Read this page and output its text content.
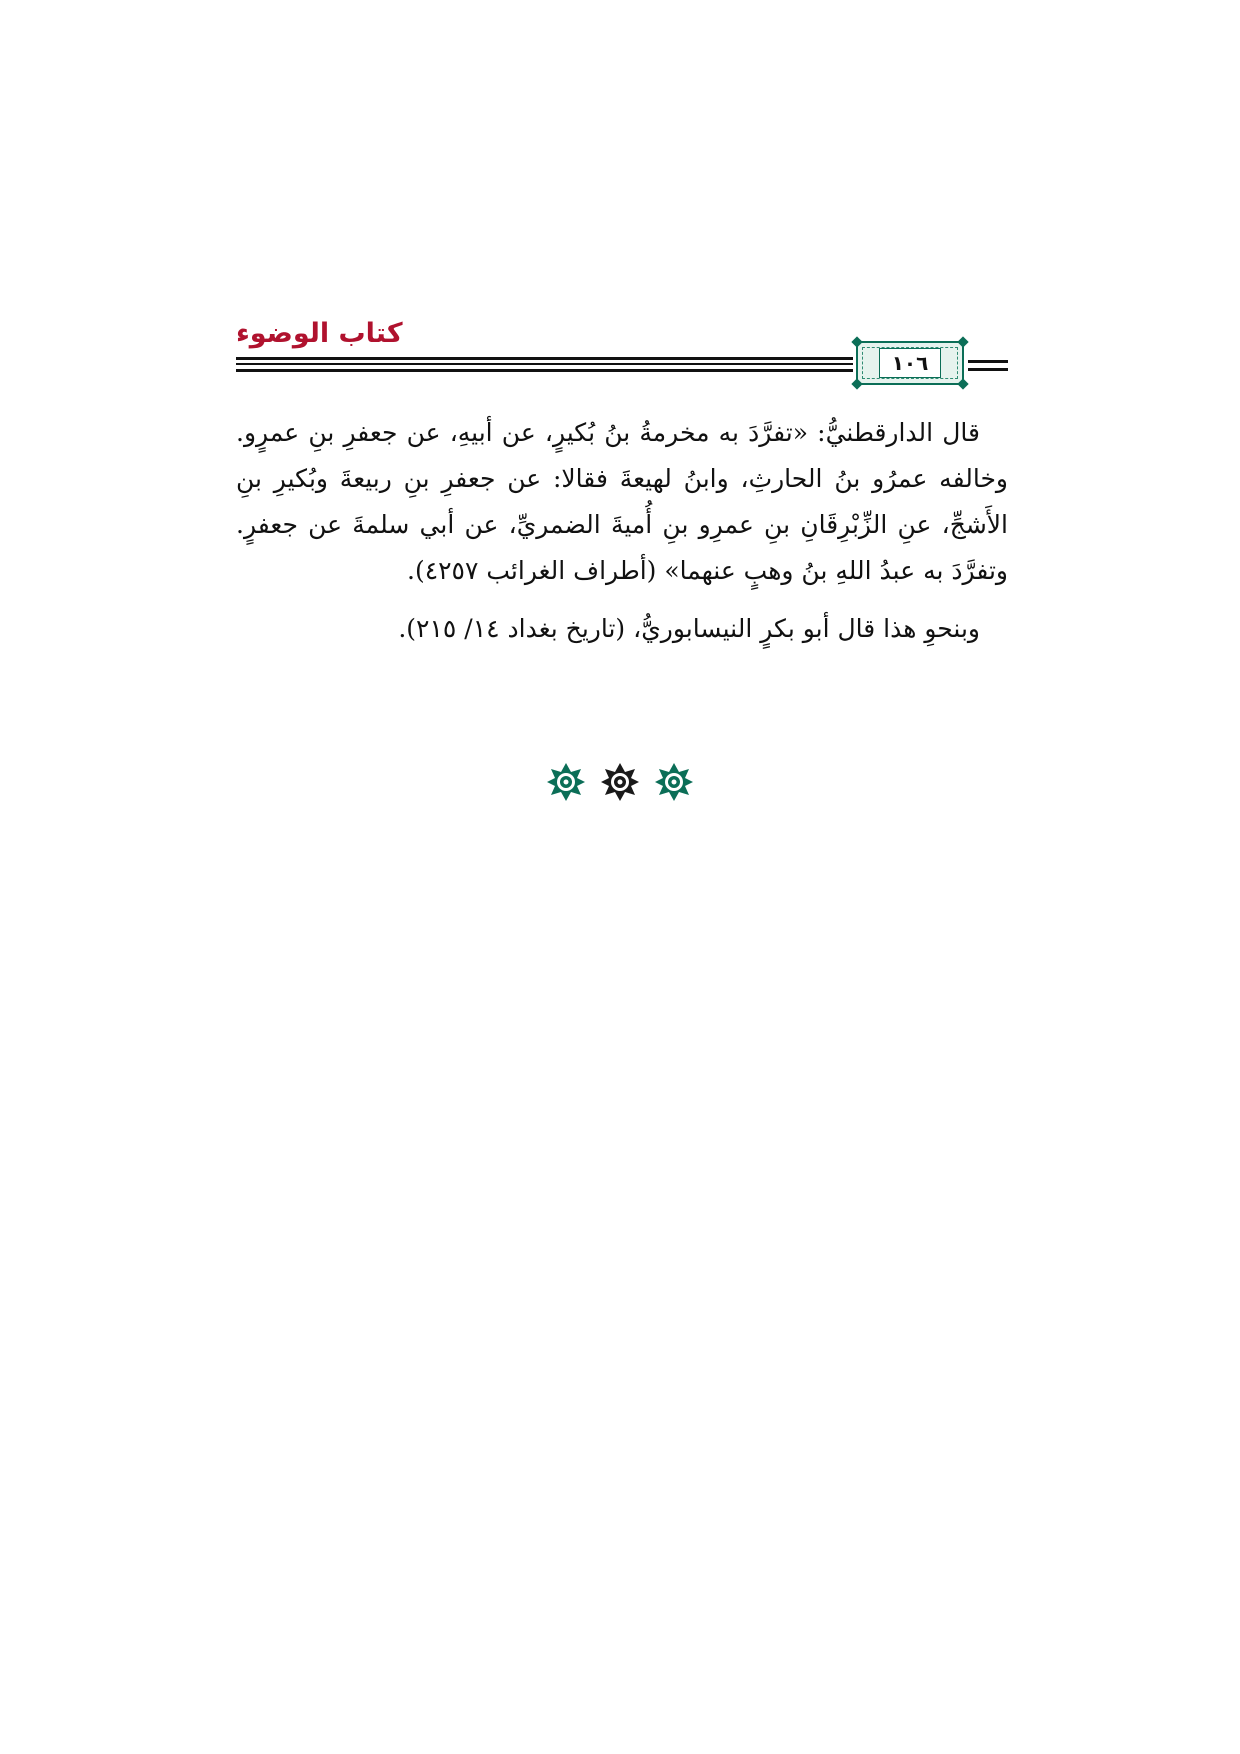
كتاب الوضوء
١٠٦

قال الدارقطنيُّ: «تفرَّدَ به مخرمةُ بنُ بُكيرٍ، عن أبيهِ، عن جعفرِ بنِ عمرٍو. وخالفه عمرُو بنُ الحارثِ، وابنُ لهيعةَ فقالا: عن جعفرِ بنِ ربيعةَ وبُكيرِ بنِ الأَشجِّ، عنِ الزِّبْرِقَانِ بنِ عمرِو بنِ أُميةَ الضمريِّ، عن أبي سلمةَ عن جعفرٍ. وتفرَّدَ به عبدُ اللهِ بنُ وهبٍ عنهما» (أطراف الغرائب ٤٢٥٧).

وبنحوِ هذا قال أبو بكرٍ النيسابوريُّ، (تاريخ بغداد ١٤/ ٢١٥).
